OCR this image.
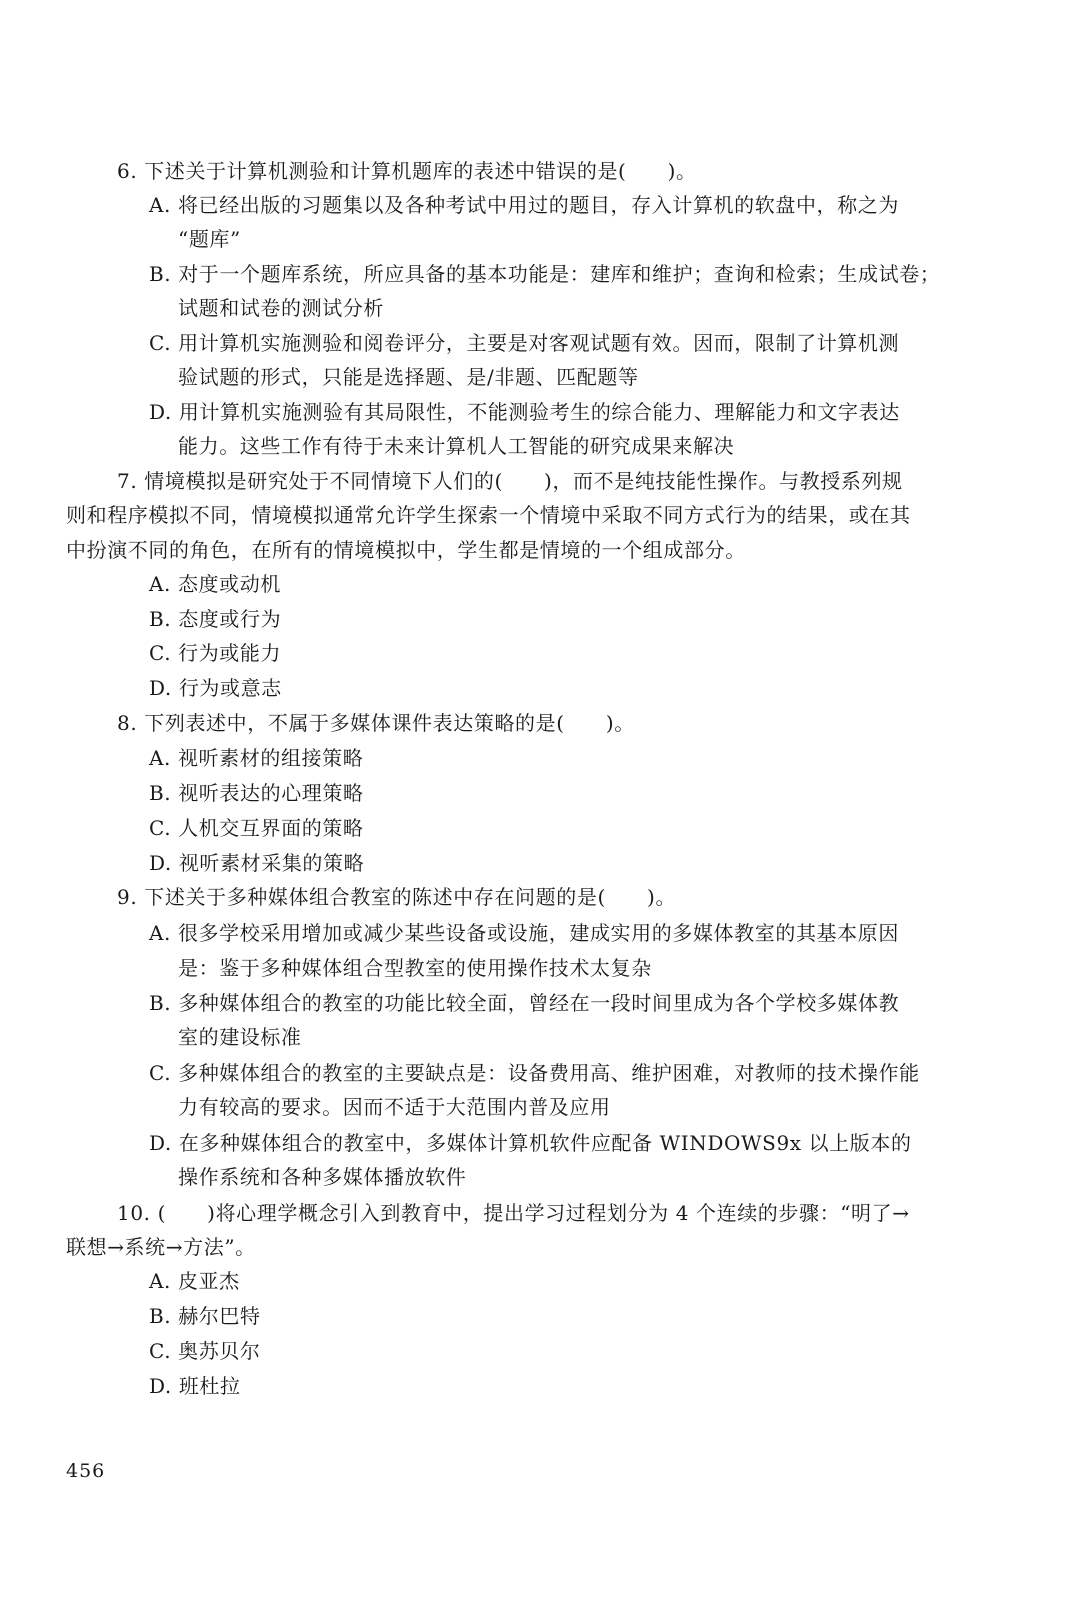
6. 下述关于计算机测验和计算机题库的表述中错误的是(　　)。
A. 将已经出版的习题集以及各种考试中用过的题目，存入计算机的软盘中，称之为
“题库”
B. 对于一个题库系统，所应具备的基本功能是：建库和维护；查询和检索；生成试卷；
试题和试卷的测试分析
C. 用计算机实施测验和阅卷评分，主要是对客观试题有效。因而，限制了计算机测
验试题的形式，只能是选择题、是/非题、匹配题等
D. 用计算机实施测验有其局限性，不能测验考生的综合能力、理解能力和文字表达
能力。这些工作有待于未来计算机人工智能的研究成果来解决
7. 情境模拟是研究处于不同情境下人们的(　　)，而不是纯技能性操作。与教授系列规
则和程序模拟不同，情境模拟通常允许学生探索一个情境中采取不同方式行为的结果，或在其
中扮演不同的角色，在所有的情境模拟中，学生都是情境的一个组成部分。
A. 态度或动机
B. 态度或行为
C. 行为或能力
D. 行为或意志
8. 下列表述中，不属于多媒体课件表达策略的是(　　)。
A. 视听素材的组接策略
B. 视听表达的心理策略
C. 人机交互界面的策略
D. 视听素材采集的策略
9. 下述关于多种媒体组合教室的陈述中存在问题的是(　　)。
A. 很多学校采用增加或减少某些设备或设施，建成实用的多媒体教室的其基本原因
是：鉴于多种媒体组合型教室的使用操作技术太复杂
B. 多种媒体组合的教室的功能比较全面，曾经在一段时间里成为各个学校多媒体教
室的建设标准
C. 多种媒体组合的教室的主要缺点是：设备费用高、维护困难，对教师的技术操作能
力有较高的要求。因而不适于大范围内普及应用
D. 在多种媒体组合的教室中，多媒体计算机软件应配备 WINDOWS9x 以上版本的
操作系统和各种多媒体播放软件
10. (　　)将心理学概念引入到教育中，提出学习过程划分为 4 个连续的步骤：“明了→
联想→系统→方法”。
A. 皮亚杰
B. 赫尔巴特
C. 奥苏贝尔
D. 班杜拉
456
